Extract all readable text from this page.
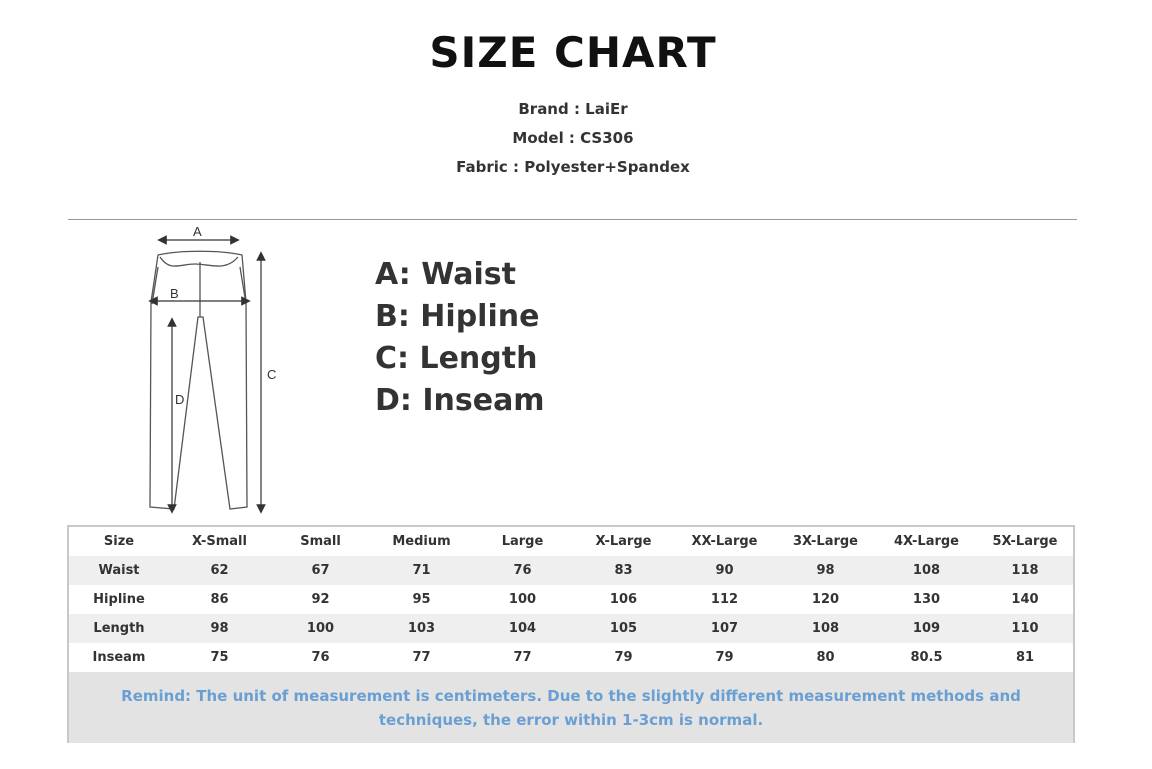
SIZE CHART
Brand : LaiEr
Model : CS306
Fabric : Polyester+Spandex
A
B
C
D
A: Waist
B: Hipline
C: Length
D: Inseam
Size	X-Small	Small	Medium	Large	X-Large	XX-Large	3X-Large	4X-Large	5X-Large
Waist	62	67	71	76	83	90	98	108	118
Hipline	86	92	95	100	106	112	120	130	140
Length	98	100	103	104	105	107	108	109	110
Inseam	75	76	77	77	79	79	80	80.5	81
Remind: The unit of measurement is centimeters. Due to the slightly different measurement methods and techniques, the error within 1-3cm is normal.
